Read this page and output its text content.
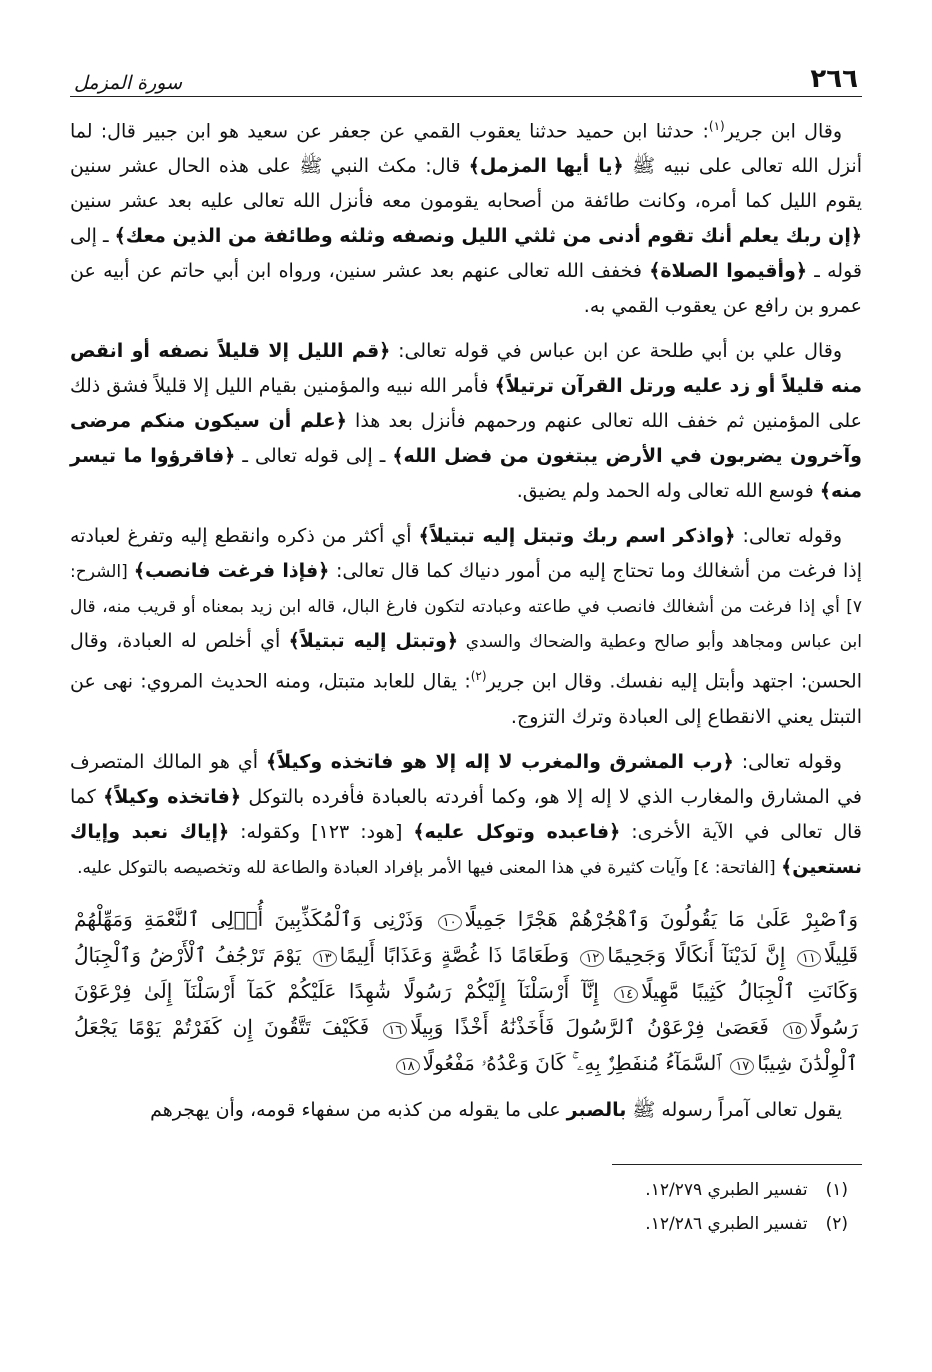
٢٦٦
سورة المزمل

وقال ابن جرير$^{(١)}$: حدثنا ابن حميد حدثنا يعقوب القمي عن جعفر عن سعيد هو ابن جبير قال: لما أنزل الله تعالى على نبيه ﷺ ﴿يا أيها المزمل﴾ قال: مكث النبي ﷺ على هذه الحال عشر سنين يقوم الليل كما أمره، وكانت طائفة من أصحابه يقومون معه فأنزل الله تعالى عليه بعد عشر سنين ﴿إن ربك يعلم أنك تقوم أدنى من ثلثي الليل ونصفه وثلثه وطائفة من الذين معك﴾ ـ إلى قوله ـ ﴿وأقيموا الصلاة﴾ فخفف الله تعالى عنهم بعد عشر سنين، ورواه ابن أبي حاتم عن أبيه عن عمرو بن رافع عن يعقوب القمي به.

وقال علي بن أبي طلحة عن ابن عباس في قوله تعالى: ﴿قم الليل إلا قليلاً نصفه أو انقص منه قليلاً أو زد عليه ورتل القرآن ترتيلاً﴾ فأمر الله نبيه والمؤمنين بقيام الليل إلا قليلاً فشق ذلك على المؤمنين ثم خفف الله تعالى عنهم ورحمهم فأنزل بعد هذا ﴿علم أن سيكون منكم مرضى وآخرون يضربون في الأرض يبتغون من فضل الله﴾ ـ إلى قوله تعالى ـ ﴿فاقرؤوا ما تيسر منه﴾ فوسع الله تعالى وله الحمد ولم يضيق.

وقوله تعالى: ﴿واذكر اسم ربك وتبتل إليه تبتيلاً﴾ أي أكثر من ذكره وانقطع إليه وتفرغ لعبادته إذا فرغت من أشغالك وما تحتاج إليه من أمور دنياك كما قال تعالى: ﴿فإذا فرغت فانصب﴾ [الشرح: ٧] أي إذا فرغت من أشغالك فانصب في طاعته وعبادته لتكون فارغ البال، قاله ابن زيد بمعناه أو قريب منه، قال ابن عباس ومجاهد وأبو صالح وعطية والضحاك والسدي ﴿وتبتل إليه تبتيلاً﴾ أي أخلص له العبادة، وقال الحسن: اجتهد وأبتل إليه نفسك. وقال ابن جرير$^{(٢)}$: يقال للعابد متبتل، ومنه الحديث المروي: نهى عن التبتل يعني الانقطاع إلى العبادة وترك التزوج.

وقوله تعالى: ﴿رب المشرق والمغرب لا إله إلا هو فاتخذه وكيلاً﴾ أي هو المالك المتصرف في المشارق والمغارب الذي لا إله إلا هو، وكما أفردته بالعبادة فأفرده بالتوكل ﴿فاتخذه وكيلاً﴾ كما قال تعالى في الآية الأخرى: ﴿فاعبده وتوكل عليه﴾ [هود: ١٢٣] وكقوله: ﴿إياك نعبد وإياك نستعين﴾ [الفاتحة: ٤] وآيات كثيرة في هذا المعنى فيها الأمر بإفراد العبادة والطاعة لله وتخصيصه بالتوكل عليه.

وَٱصْبِرْ عَلَىٰ مَا يَقُولُونَ وَٱهْجُرْهُمْ هَجْرًا جَمِيلًا١٠ وَذَرْنِى وَٱلْمُكَذِّبِينَ أُو۟لِى ٱلنَّعْمَةِ وَمَهِّلْهُمْ قَلِيلًا١١ إِنَّ لَدَيْنَآ أَنكَالًا وَجَحِيمًا١٢ وَطَعَامًا ذَا غُصَّةٍ وَعَذَابًا أَلِيمًا١٣ يَوْمَ تَرْجُفُ ٱلْأَرْضُ وَٱلْجِبَالُ وَكَانَتِ ٱلْجِبَالُ كَثِيبًا مَّهِيلًا١٤ إِنَّآ أَرْسَلْنَآ إِلَيْكُمْ رَسُولًا شَٰهِدًا عَلَيْكُمْ كَمَآ أَرْسَلْنَآ إِلَىٰ فِرْعَوْنَ رَسُولًا١٥ فَعَصَىٰ فِرْعَوْنُ ٱلرَّسُولَ فَأَخَذْنَٰهُ أَخْذًا وَبِيلًا١٦ فَكَيْفَ تَتَّقُونَ إِن كَفَرْتُمْ يَوْمًا يَجْعَلُ ٱلْوِلْدَٰنَ شِيبًا١٧ ٱلسَّمَآءُ مُنفَطِرٌۢ بِهِۦ ۚ كَانَ وَعْدُهُۥ مَفْعُولًا١٨

يقول تعالى آمراً رسوله ﷺ بالصبر على ما يقوله من كذبه من سفهاء قومه، وأن يهجرهم

(١)
تفسير الطبري ١٢/٢٧٩.
(٢)
تفسير الطبري ١٢/٢٨٦.
